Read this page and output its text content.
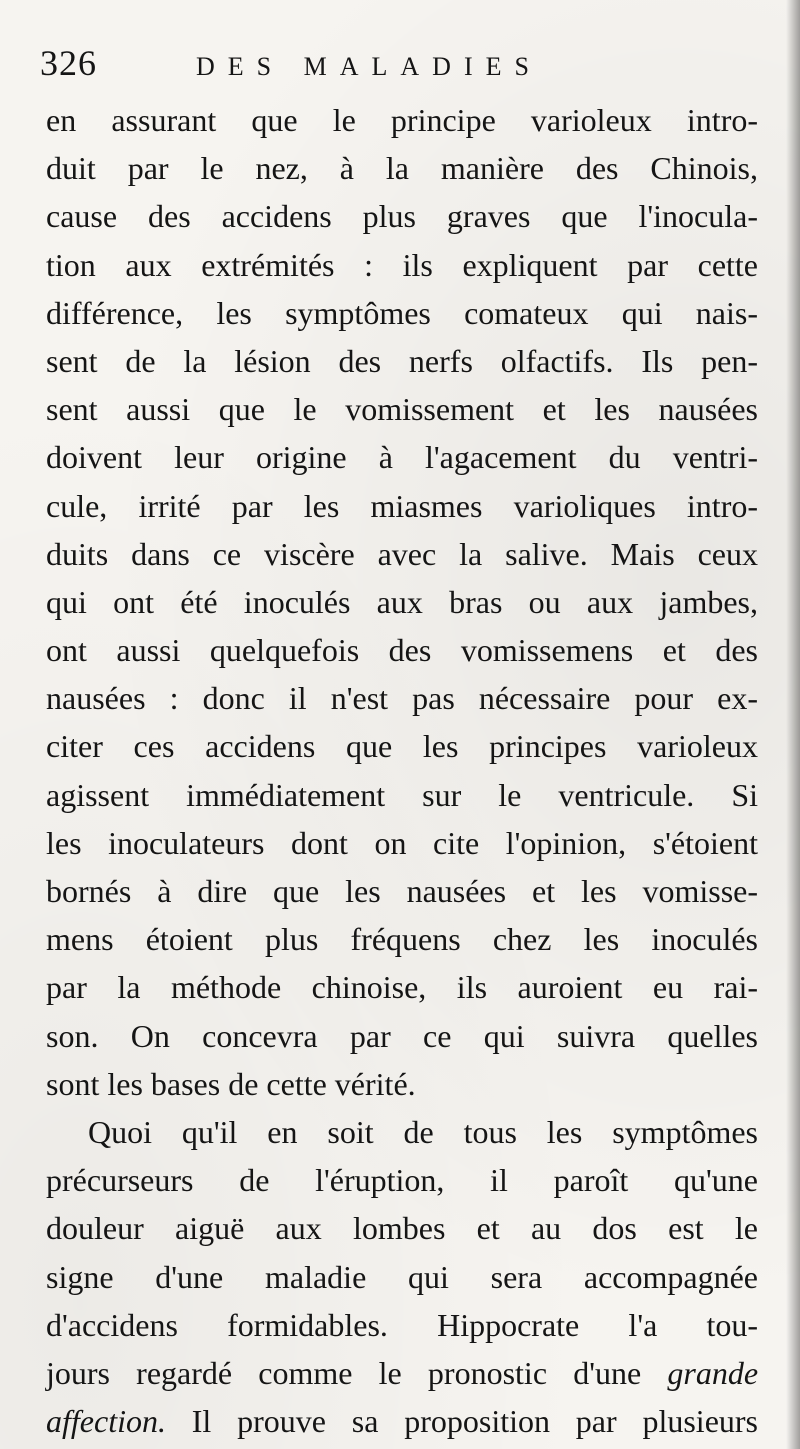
326	DES MALADIES
en assurant que le principe varioleux intro-
duit par le nez, à la manière des Chinois,
cause des accidens plus graves que l'inocula-
tion aux extrémités : ils expliquent par cette
différence, les symptômes comateux qui nais-
sent de la lésion des nerfs olfactifs. Ils pen-
sent aussi que le vomissement et les nausées
doivent leur origine à l'agacement du ventri-
cule, irrité par les miasmes varioliques intro-
duits dans ce viscère avec la salive. Mais ceux
qui ont été inoculés aux bras ou aux jambes,
ont aussi quelquefois des vomissemens et des
nausées : donc il n'est pas nécessaire pour ex-
citer ces accidens que les principes varioleux
agissent immédiatement sur le ventricule. Si
les inoculateurs dont on cite l'opinion, s'étoient
bornés à dire que les nausées et les vomisse-
mens étoient plus fréquens chez les inoculés
par la méthode chinoise, ils auroient eu rai-
son. On concevra par ce qui suivra quelles
sont les bases de cette vérité.
Quoi qu'il en soit de tous les symptômes
précurseurs de l'éruption, il paroît qu'une
douleur aiguë aux lombes et au dos est le
signe d'une maladie qui sera accompagnée
d'accidens formidables. Hippocrate l'a tou-
jours regardé comme le pronostic d'une grande
affection. Il prouve sa proposition par plusieurs
